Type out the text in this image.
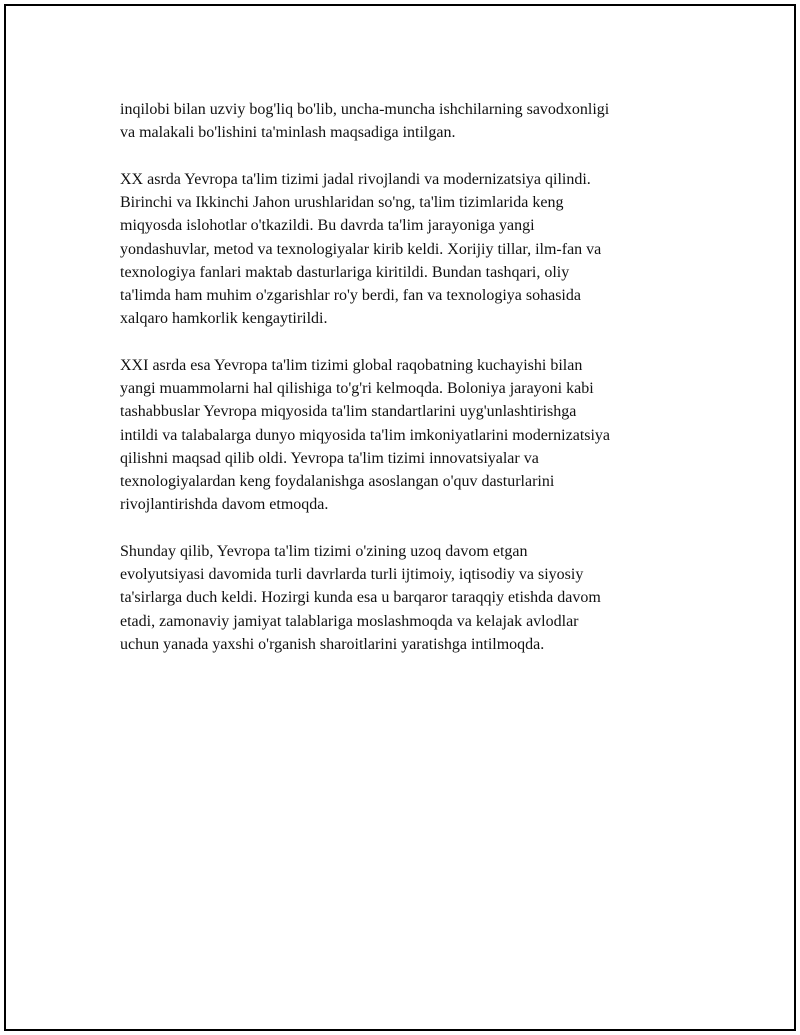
inqilobi bilan uzviy bog'liq bo'lib, uncha-muncha ishchilarning savodxonligi
va malakali bo'lishini ta'minlash maqsadiga intilgan.

XX asrda Yevropa ta'lim tizimi jadal rivojlandi va modernizatsiya qilindi.
Birinchi va Ikkinchi Jahon urushlaridan so'ng, ta'lim tizimlarida keng
miqyosda islohotlar o'tkazildi. Bu davrda ta'lim jarayoniga yangi
yondashuvlar, metod va texnologiyalar kirib keldi. Xorijiy tillar, ilm-fan va
texnologiya fanlari maktab dasturlariga kiritildi. Bundan tashqari, oliy
ta'limda ham muhim o'zgarishlar ro'y berdi, fan va texnologiya sohasida
xalqaro hamkorlik kengaytirildi.

XXI asrda esa Yevropa ta'lim tizimi global raqobatning kuchayishi bilan
yangi muammolarni hal qilishiga to'g'ri kelmoqda. Boloniya jarayoni kabi
tashabbuslar Yevropa miqyosida ta'lim standartlarini uyg'unlashtirishga
intildi va talabalarga dunyo miqyosida ta'lim imkoniyatlarini modernizatsiya
qilishni maqsad qilib oldi. Yevropa ta'lim tizimi innovatsiyalar va
texnologiyalardan keng foydalanishga asoslangan o'quv dasturlarini
rivojlantirishda davom etmoqda.

Shunday qilib, Yevropa ta'lim tizimi o'zining uzoq davom etgan
evolyutsiyasi davomida turli davrlarda turli ijtimoiy, iqtisodiy va siyosiy
ta'sirlarga duch keldi. Hozirgi kunda esa u barqaror taraqqiy etishda davom
etadi, zamonaviy jamiyat talablariga moslashmoqda va kelajak avlodlar
uchun yanada yaxshi o'rganish sharoitlarini yaratishga intilmoqda.
